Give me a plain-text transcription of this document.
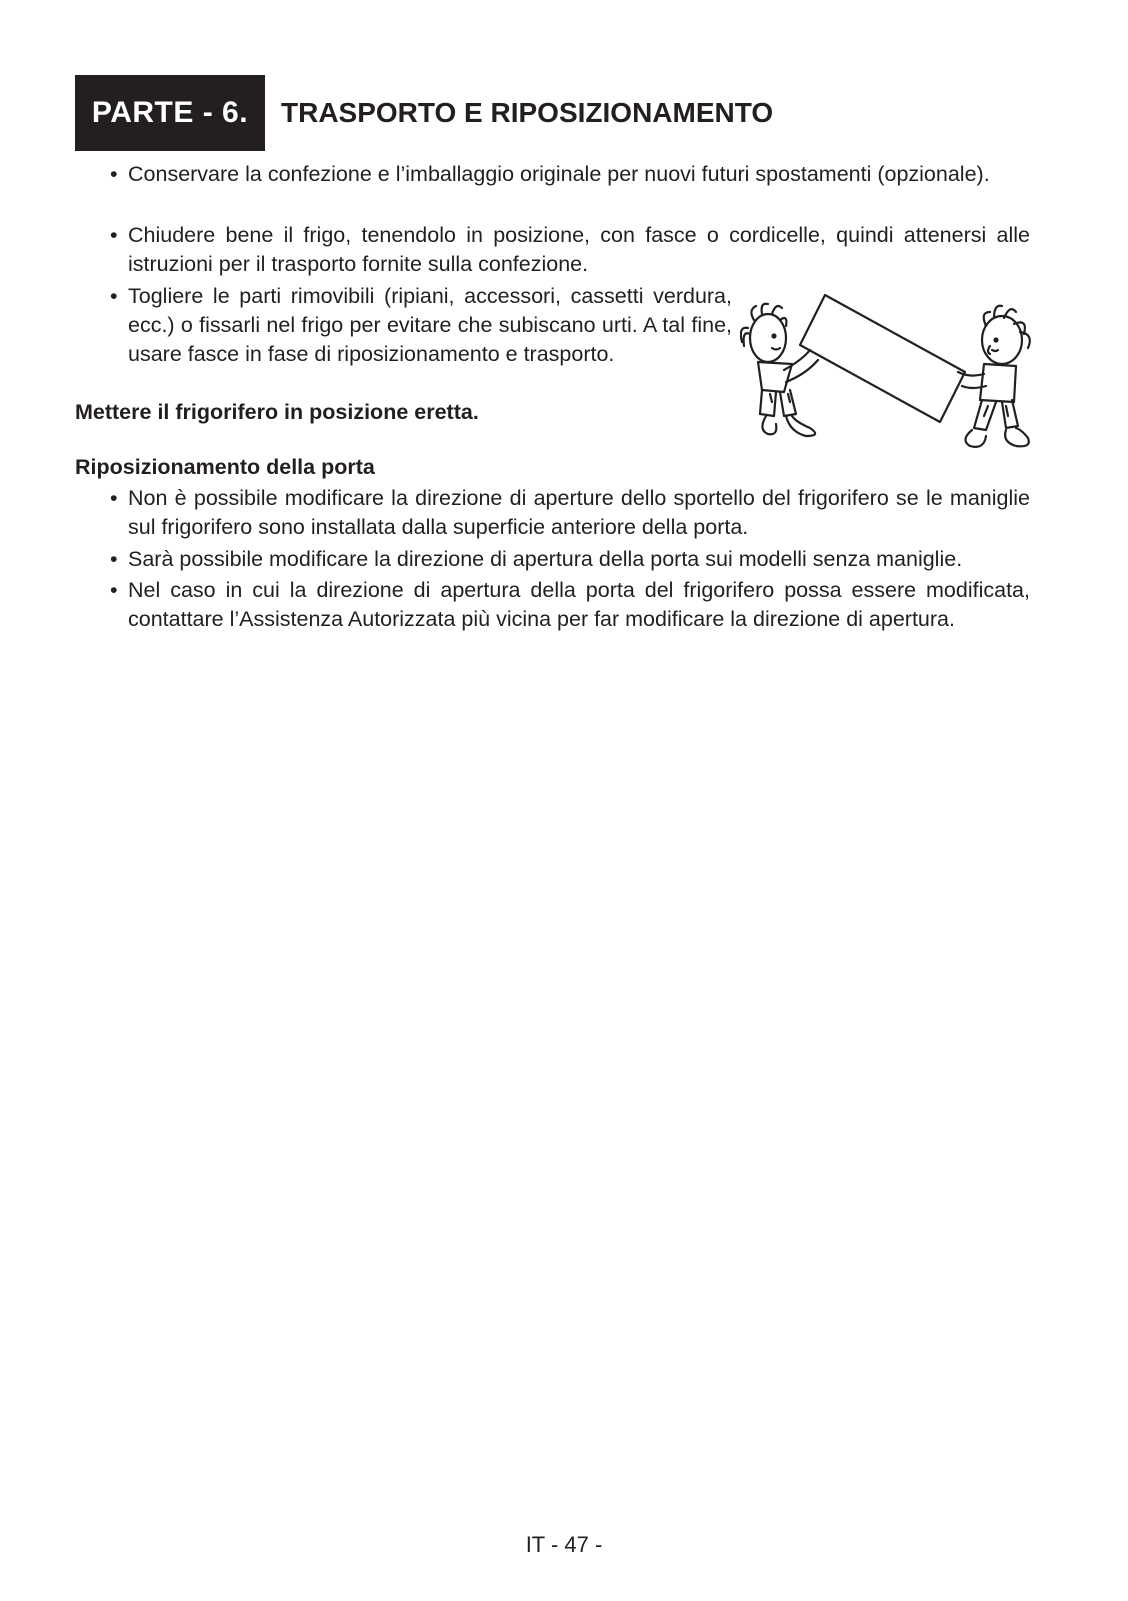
PARTE - 6.	TRASPORTO E RIPOSIZIONAMENTO
• Conservare la confezione e l’imballaggio originale per nuovi futuri spostamenti (opzionale).
• Chiudere bene il frigo, tenendolo in posizione, con fasce o cordicelle, quindi attenersi alle istruzioni per il trasporto fornite sulla confezione.
• Togliere le parti rimovibili (ripiani, accessori, cassetti verdura, ecc.) o fissarli nel frigo per evitare che subiscano urti. A tal fine, usare fasce in fase di riposizionamento e trasporto.
Mettere il frigorifero in posizione eretta.
Riposizionamento della porta
• Non è possibile modificare la direzione di aperture dello sportello del frigorifero se le maniglie sul frigorifero sono installata dalla superficie anteriore della porta.
• Sarà possibile modificare la direzione di apertura della porta sui modelli senza maniglie.
• Nel caso in cui la direzione di apertura della porta del frigorifero possa essere modificata, contattare l’Assistenza Autorizzata più vicina per far modificare la direzione di apertura.
IT - 47 -
